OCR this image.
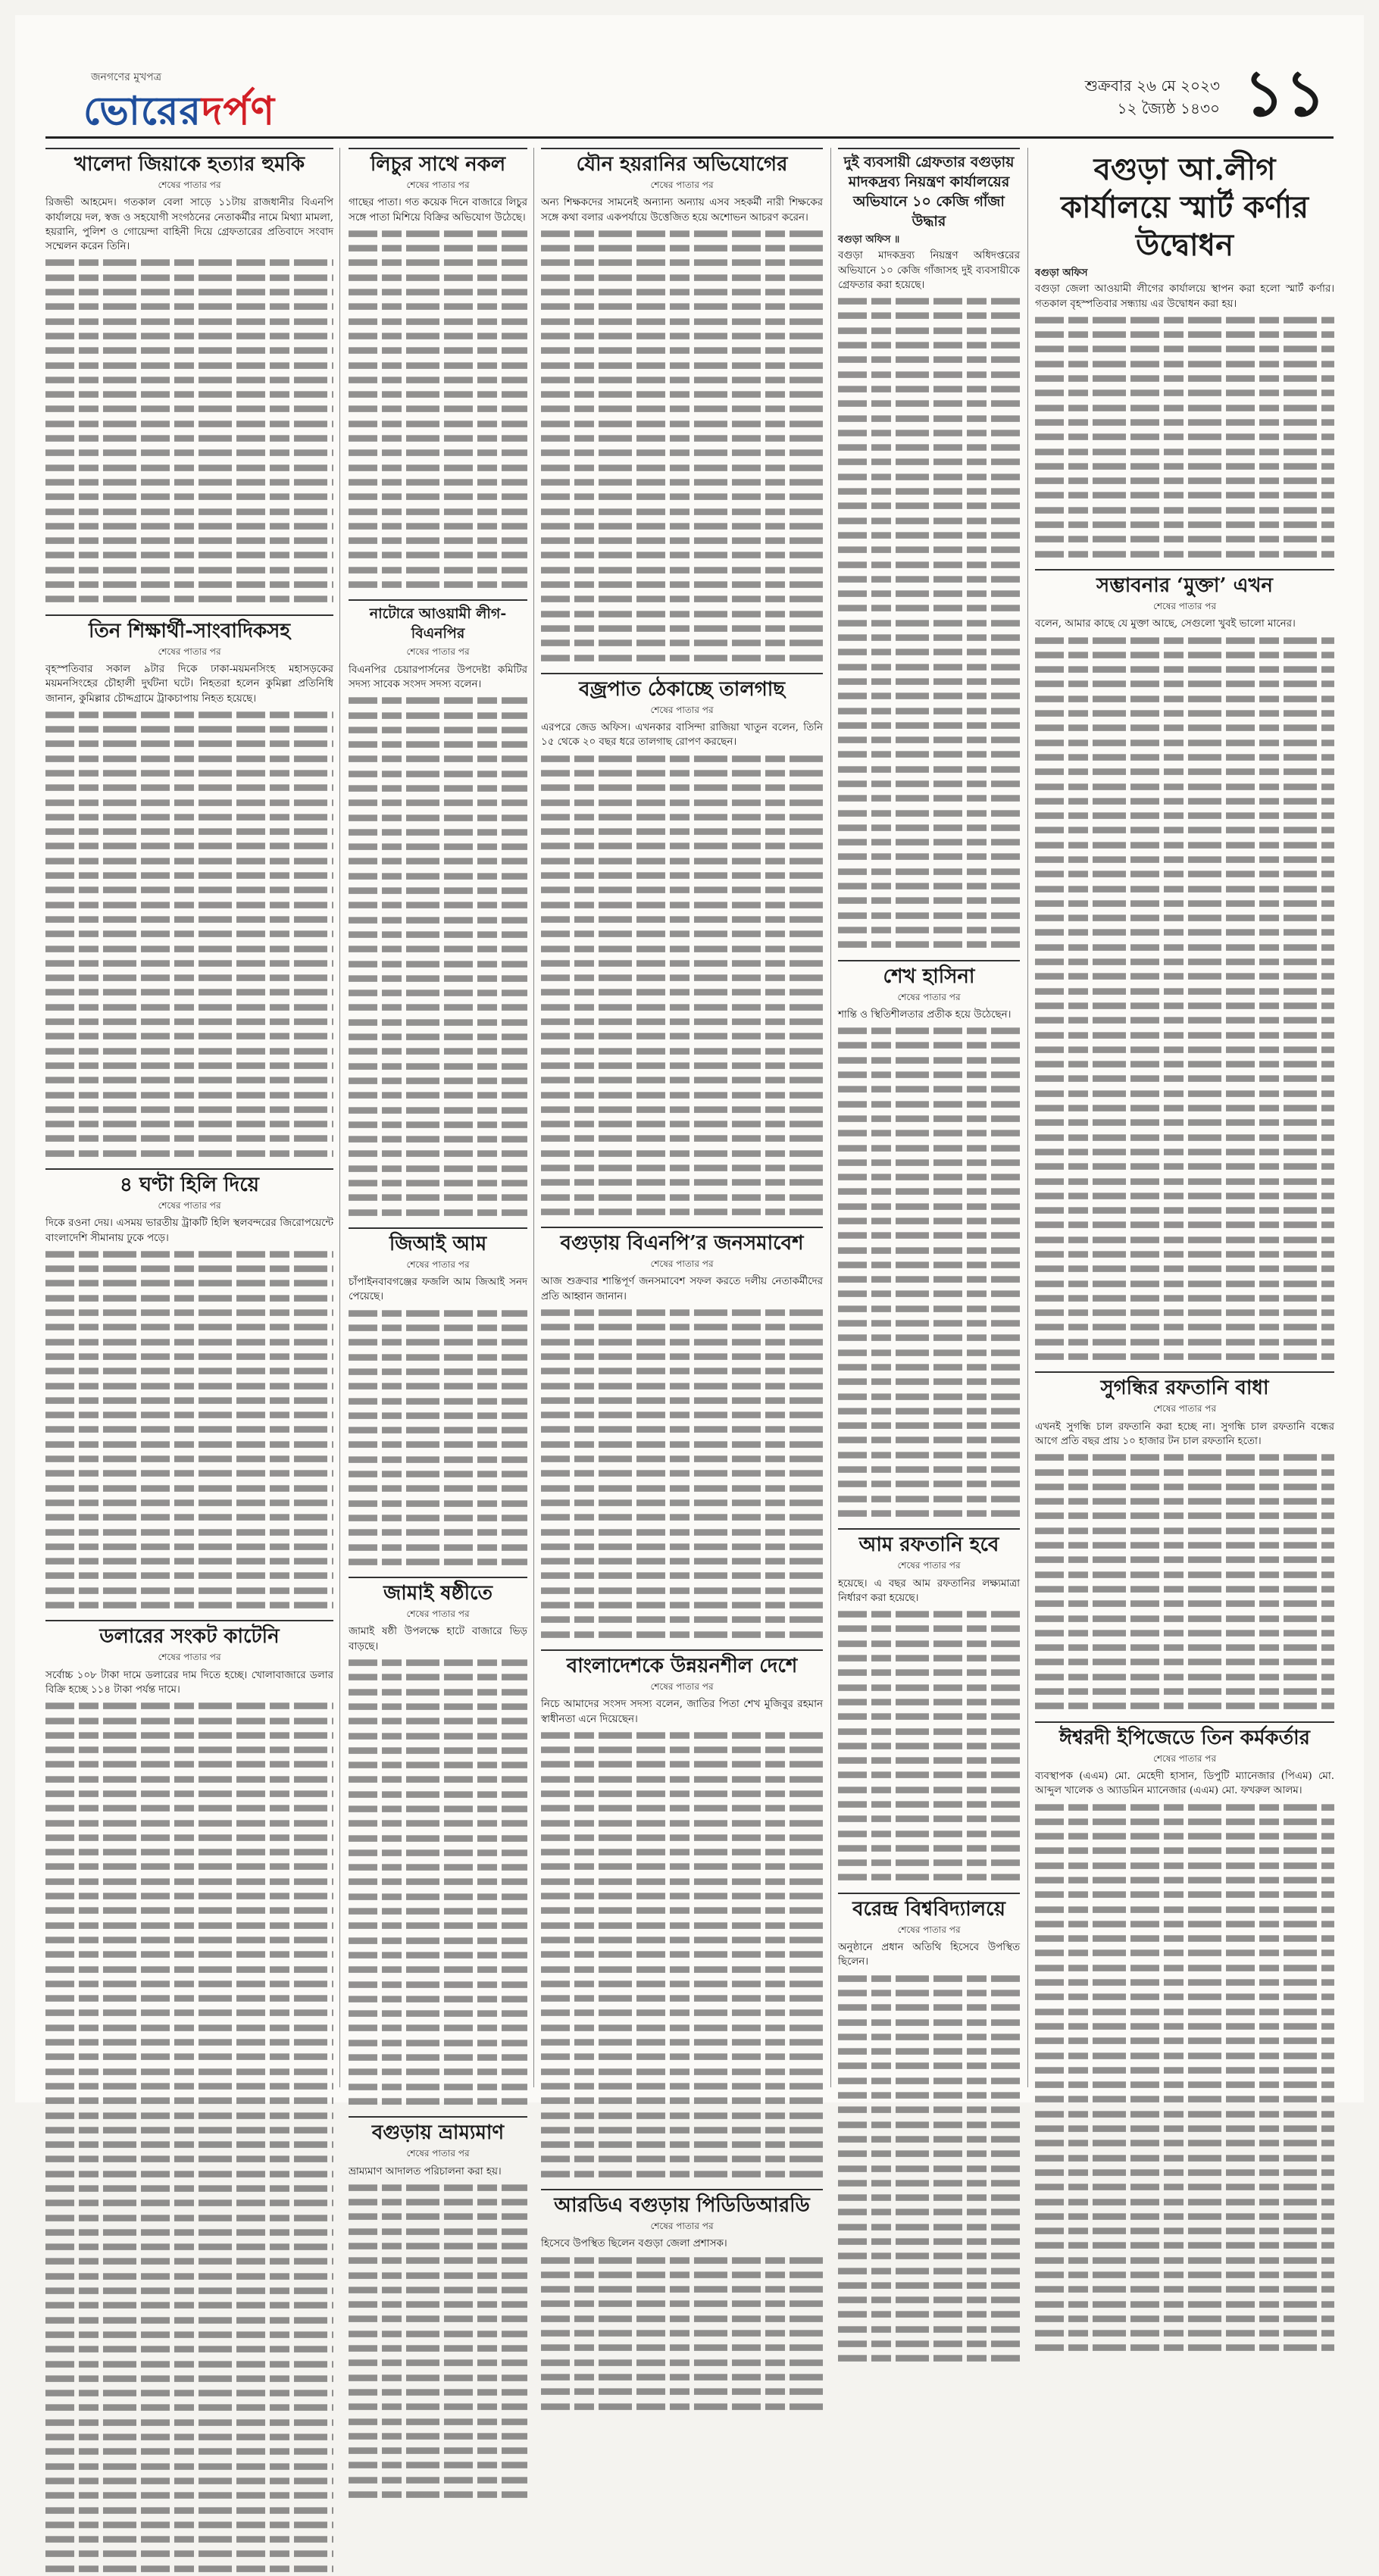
জনগণের মুখপত্র
ভোরেরদর্পণ
শুক্রবার ২৬ মে ২০২৩
১২ জ্যৈষ্ঠ ১৪৩০ ১১
খালেদা জিয়াকে হত্যার হুমকি
শেষের পাতার পর

রিজভী আহমেদ। গতকাল বেলা সাড়ে ১১টায় রাজধানীর বিএনপি কার্যালয়ে দল, স্বজ ও সহযোগী সংগঠনের নেতাকর্মীর নামে মিথ্যা মামলা, হয়রানি, পুলিশ ও গোয়েন্দা বাহিনী দিয়ে গ্রেফতারের প্রতিবাদে সংবাদ সম্মেলন করেন তিনি।

তিন শিক্ষার্থী-সাংবাদিকসহ
শেষের পাতার পর

বৃহস্পতিবার সকাল ৯টার দিকে ঢাকা-ময়মনসিংহ মহাসড়কের ময়মনসিংহের চৌহালী দুর্ঘটনা ঘটে। নিহতরা হলেন কুমিল্লা প্রতিনিধি জানান, কুমিল্লার চৌদ্দগ্রামে ট্রাকচাপায় নিহত হয়েছে।

৪ ঘণ্টা হিলি দিয়ে
শেষের পাতার পর

দিকে রওনা দেয়। এসময় ভারতীয় ট্রাকটি হিলি স্থলবন্দরের জিরোপয়েন্টে বাংলাদেশি সীমানায় ঢুকে পড়ে।

ডলারের সংকট কাটেনি
শেষের পাতার পর

সর্বোচ্চ ১০৮ টাকা দামে ডলারের দাম দিতে হচ্ছে। খোলাবাজারে ডলার বিক্রি হচ্ছে ১১৪ টাকা পর্যন্ত দামে।

লিচুর সাথে নকল
শেষের পাতার পর

গাছের পাতা। গত কয়েক দিনে বাজারে লিচুর সঙ্গে পাতা মিশিয়ে বিক্রির অভিযোগ উঠেছে।

নাটোরে আওয়ামী লীগ-বিএনপির
শেষের পাতার পর

বিএনপির চেয়ারপার্সনের উপদেষ্টা কমিটির সদস্য সাবেক সংসদ সদস্য বলেন।

জিআই আম
শেষের পাতার পর

চাঁপাইনবাবগঞ্জের ফজলি আম জিআই সনদ পেয়েছে।

জামাই ষষ্ঠীতে
শেষের পাতার পর

জামাই ষষ্ঠী উপলক্ষে হাটে বাজারে ভিড় বাড়ছে।

বগুড়ায় ভ্রাম্যমাণ
শেষের পাতার পর

ভ্রাম্যমাণ আদালত পরিচালনা করা হয়।

যৌন হয়রানির অভিযোগের
শেষের পাতার পর

অন্য শিক্ষকদের সামনেই অন্যান্য অন্যায় এসব সহকর্মী নারী শিক্ষকের সঙ্গে কথা বলার একপর্যায়ে উত্তেজিত হয়ে অশোভন আচরণ করেন।

বজ্রপাত ঠেকাচ্ছে তালগাছ
শেষের পাতার পর

এরপরে জেড অফিস। এখনকার বাসিন্দা রাজিয়া খাতুন বলেন, তিনি ১৫ থেকে ২০ বছর ধরে তালগাছ রোপণ করছেন।

বগুড়ায় বিএনপি’র জনসমাবেশ
শেষের পাতার পর

আজ শুক্রবার শান্তিপূর্ণ জনসমাবেশ সফল করতে দলীয় নেতাকর্মীদের প্রতি আহ্বান জানান।

বাংলাদেশকে উন্নয়নশীল দেশে
শেষের পাতার পর

নিচে আমাদের সংসদ সদস্য বলেন, জাতির পিতা শেখ মুজিবুর রহমান স্বাধীনতা এনে দিয়েছেন।

আরডিএ বগুড়ায় পিডিডিআরডি
শেষের পাতার পর

হিসেবে উপস্থিত ছিলেন বগুড়া জেলা প্রশাসক।

দুই ব্যবসায়ী গ্রেফতার বগুড়ায় মাদকদ্রব্য নিয়ন্ত্রণ কার্যালয়ের অভিযানে ১০ কেজি গাঁজা উদ্ধার
বগুড়া অফিস ॥

বগুড়া মাদকদ্রব্য নিয়ন্ত্রণ অধিদপ্তরের অভিযানে ১০ কেজি গাঁজাসহ দুই ব্যবসায়ীকে গ্রেফতার করা হয়েছে।

শেখ হাসিনা
শেষের পাতার পর

শান্তি ও স্থিতিশীলতার প্রতীক হয়ে উঠেছেন।

আম রফতানি হবে
শেষের পাতার পর

হয়েছে। এ বছর আম রফতানির লক্ষ্যমাত্রা নির্ধারণ করা হয়েছে।

বরেন্দ্র বিশ্ববিদ্যালয়ে
শেষের পাতার পর

অনুষ্ঠানে প্রধান অতিথি হিসেবে উপস্থিত ছিলেন।

বগুড়া আ.লীগ কার্যালয়ে স্মার্ট কর্ণার উদ্বোধন
বগুড়া অফিস

বগুড়া জেলা আওয়ামী লীগের কার্যালয়ে স্থাপন করা হলো স্মার্ট কর্ণার। গতকাল বৃহস্পতিবার সন্ধ্যায় এর উদ্বোধন করা হয়।

সম্ভাবনার ‘মুক্তা’ এখন
শেষের পাতার পর

বলেন, আমার কাছে যে মুক্তা আছে, সেগুলো খুবই ভালো মানের।

সুগন্ধির রফতানি বাধা
শেষের পাতার পর

এখনই সুগন্ধি চাল রফতানি করা হচ্ছে না। সুগন্ধি চাল রফতানি বন্ধের আগে প্রতি বছর প্রায় ১০ হাজার টন চাল রফতানি হতো।

ঈশ্বরদী ইপিজেডে তিন কর্মকর্তার
শেষের পাতার পর

ব্যবস্থাপক (এএম) মো. মেহেদী হাসান, ডিপুটি ম্যানেজার (পিএম) মো. আব্দুল খালেক ও অ্যাডমিন ম্যানেজার (এএম) মো. ফখরুল আলম।
